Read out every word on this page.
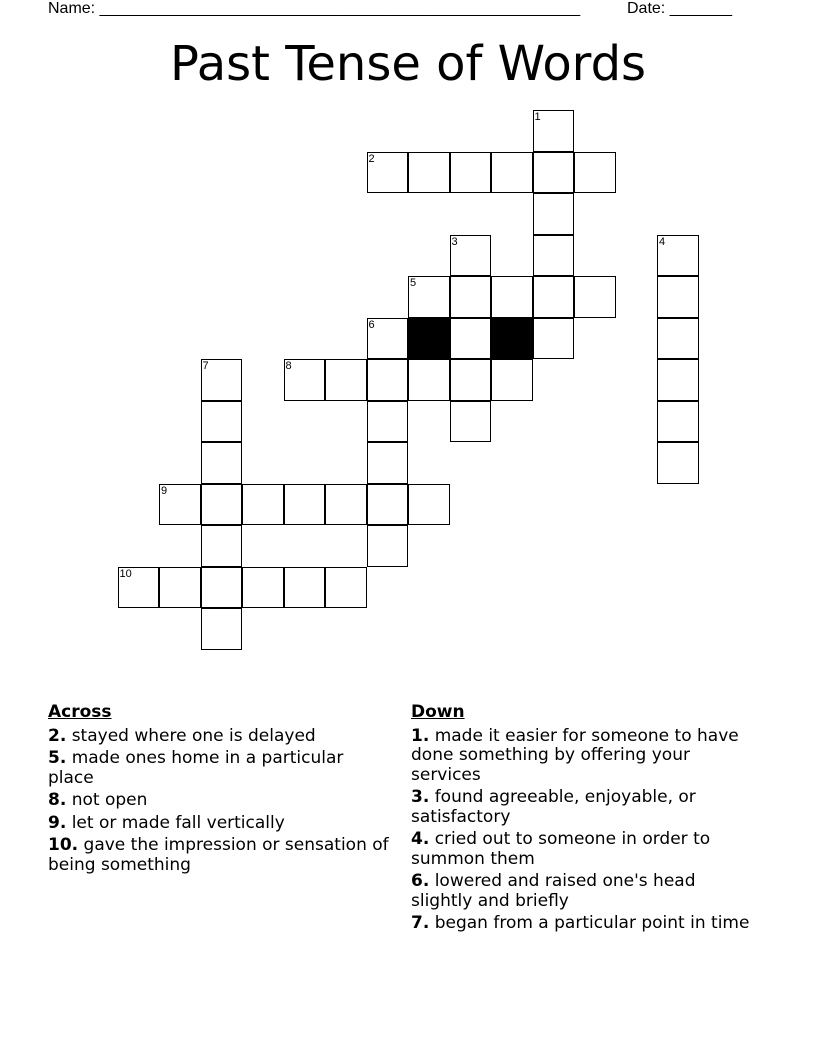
Name: ______________________________________________________	Date: _______
Past Tense of Words
1
2
3	4
5
6
7	8
9
10
Across
2. stayed where one is delayed
5. made ones home in a particular place
8. not open
9. let or made fall vertically
10. gave the impression or sensation of being something
Down
1. made it easier for someone to have done something by offering your services
3. found agreeable, enjoyable, or satisfactory
4. cried out to someone in order to summon them
6. lowered and raised one's head slightly and briefly
7. began from a particular point in time
